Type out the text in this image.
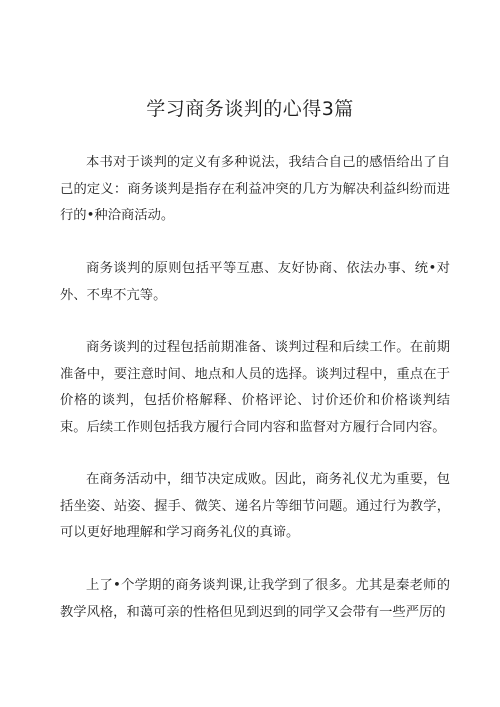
学习商务谈判的心得3篇

本书对于谈判的定义有多种说法，我结合自己的感悟给出了自己的定义：商务谈判是指存在利益冲突的几方为解决利益纠纷而进行的•种洽商活动。

商务谈判的原则包括平等互惠、友好协商、依法办事、统•对外、不卑不亢等。

商务谈判的过程包括前期准备、谈判过程和后续工作。在前期准备中，要注意时间、地点和人员的选择。谈判过程中，重点在于价格的谈判，包括价格解释、价格评论、讨价还价和价格谈判结束。后续工作则包括我方履行合同内容和监督对方履行合同内容。

在商务活动中，细节决定成败。因此，商务礼仪尤为重要，包括坐姿、站姿、握手、微笑、递名片等细节问题。通过行为教学，可以更好地理解和学习商务礼仪的真谛。

上了•个学期的商务谈判课,让我学到了很多。尤其是秦老师的教学风格，和蔼可亲的性格但见到迟到的同学又会带有一些严厉的
